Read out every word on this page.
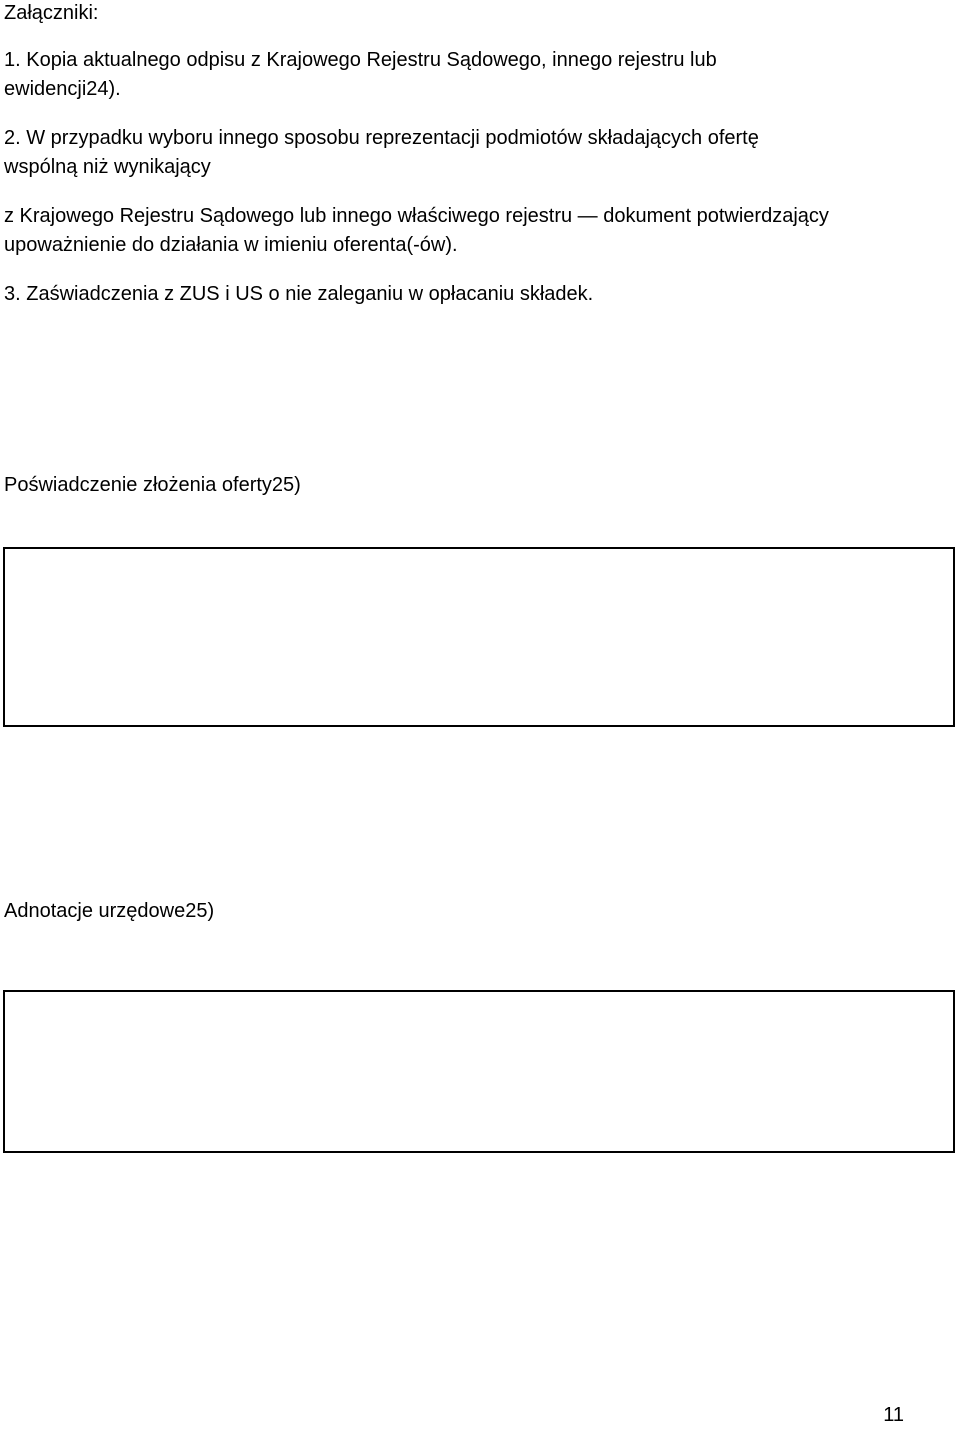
Załączniki:

1. Kopia aktualnego odpisu z Krajowego Rejestru Sądowego, innego rejestru lub

ewidencji24).

2. W przypadku wyboru innego sposobu reprezentacji podmiotów składających ofertę

wspólną niż wynikający

z Krajowego Rejestru Sądowego lub innego właściwego rejestru — dokument potwierdzający

upoważnienie do działania w imieniu oferenta(-ów).

3. Zaświadczenia z ZUS i US o nie zaleganiu w opłacaniu składek.

Poświadczenie złożenia oferty25)

Adnotacje urzędowe25)

11
